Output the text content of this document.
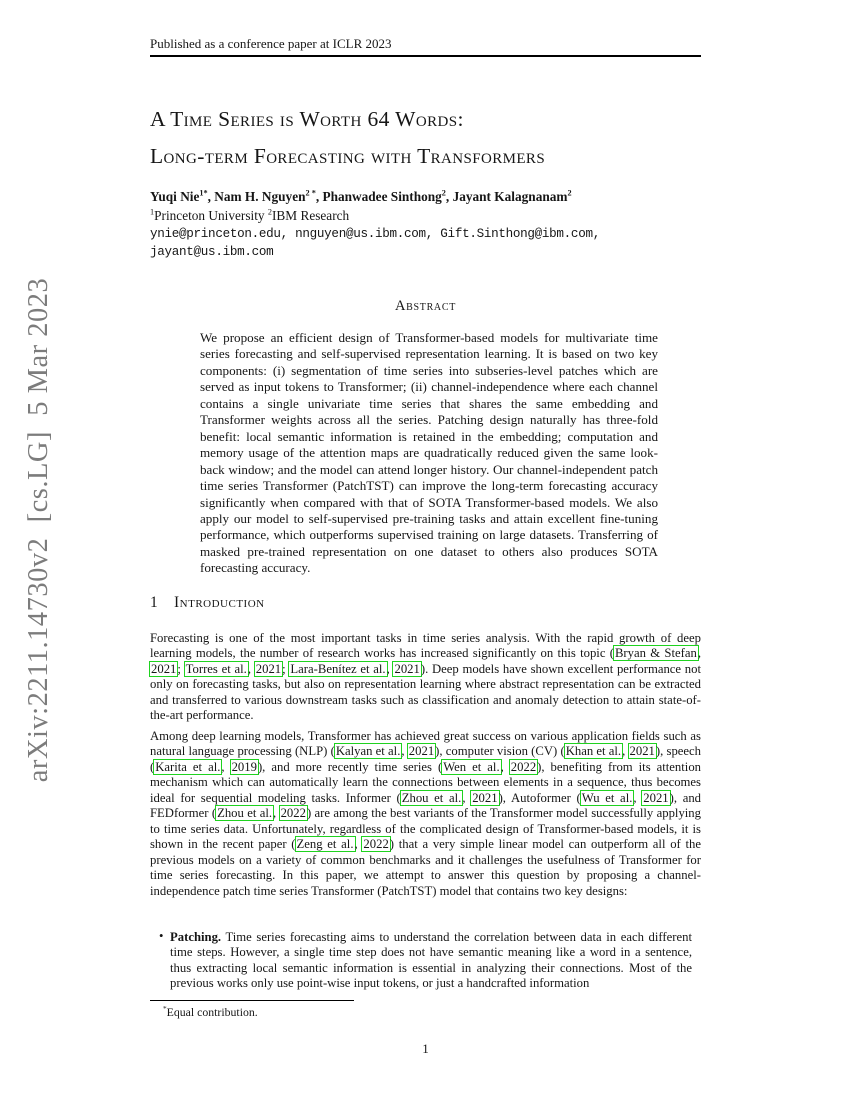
arXiv:2211.14730v2  [cs.LG]  5 Mar 2023
Published as a conference paper at ICLR 2023
A Time Series is Worth 64 Words:
Long-term Forecasting with Transformers
Yuqi Nie$^{1*}$, Nam H. Nguyen$^{2 *}$, Phanwadee Sinthong$^2$, Jayant Kalagnanam$^2$
$^1$Princeton University $^2$IBM Research
ynie@princeton.edu, nnguyen@us.ibm.com, Gift.Sinthong@ibm.com,
jayant@us.ibm.com
Abstract
We propose an efficient design of Transformer-based models for multivariate time series forecasting and self-supervised representation learning. It is based on two key components: (i) segmentation of time series into subseries-level patches which are served as input tokens to Transformer; (ii) channel-independence where each channel contains a single univariate time series that shares the same embedding and Transformer weights across all the series. Patching design naturally has three-fold benefit: local semantic information is retained in the embedding; computation and memory usage of the attention maps are quadratically reduced given the same look-back window; and the model can attend longer history. Our channel-independent patch time series Transformer (PatchTST) can improve the long-term forecasting accuracy significantly when compared with that of SOTA Transformer-based models. We also apply our model to self-supervised pre-training tasks and attain excellent fine-tuning performance, which outperforms supervised training on large datasets. Transferring of masked pre-trained representation on one dataset to others also produces SOTA forecasting accuracy.
1 Introduction
Forecasting is one of the most important tasks in time series analysis. With the rapid growth of deep learning models, the number of research works has increased significantly on this topic (Bryan & Stefan, 2021; Torres et al., 2021; Lara-Benítez et al., 2021). Deep models have shown excellent performance not only on forecasting tasks, but also on representation learning where abstract representation can be extracted and transferred to various downstream tasks such as classification and anomaly detection to attain state-of-the-art performance.
Among deep learning models, Transformer has achieved great success on various application fields such as natural language processing (NLP) (Kalyan et al., 2021), computer vision (CV) (Khan et al., 2021), speech (Karita et al., 2019), and more recently time series (Wen et al., 2022), benefiting from its attention mechanism which can automatically learn the connections between elements in a sequence, thus becomes ideal for sequential modeling tasks. Informer (Zhou et al., 2021), Autoformer (Wu et al., 2021), and FEDformer (Zhou et al., 2022) are among the best variants of the Transformer model successfully applying to time series data. Unfortunately, regardless of the complicated design of Transformer-based models, it is shown in the recent paper (Zeng et al., 2022) that a very simple linear model can outperform all of the previous models on a variety of common benchmarks and it challenges the usefulness of Transformer for time series forecasting. In this paper, we attempt to answer this question by proposing a channel-independence patch time series Transformer (PatchTST) model that contains two key designs:
• Patching. Time series forecasting aims to understand the correlation between data in each different time steps. However, a single time step does not have semantic meaning like a word in a sentence, thus extracting local semantic information is essential in analyzing their connections. Most of the previous works only use point-wise input tokens, or just a handcrafted information
*Equal contribution.
1
